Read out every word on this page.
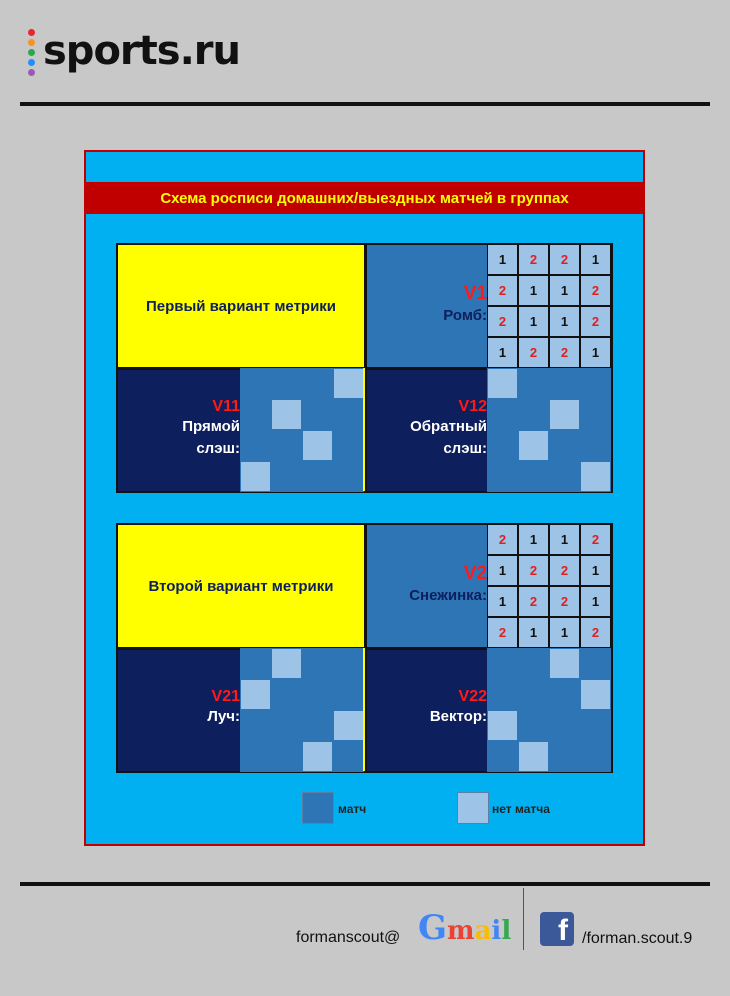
sports.ru
Схема росписи домашних/выездных матчей в группах
Первый вариант метрики
V1
Ромб:
1	2	2	1
2	1	1	2
2	1	1	2
1	2	2	1
V11
Прямой
слэш:
V12
Обратный
слэш:
Второй вариант метрики
V2
Снежинка:
2	1	1	2
1	2	2	1
1	2	2	1
2	1	1	2
V21
Луч:
V22
Вектор:
матч	нет матча
formanscout@ Gmail	f /forman.scout.9
